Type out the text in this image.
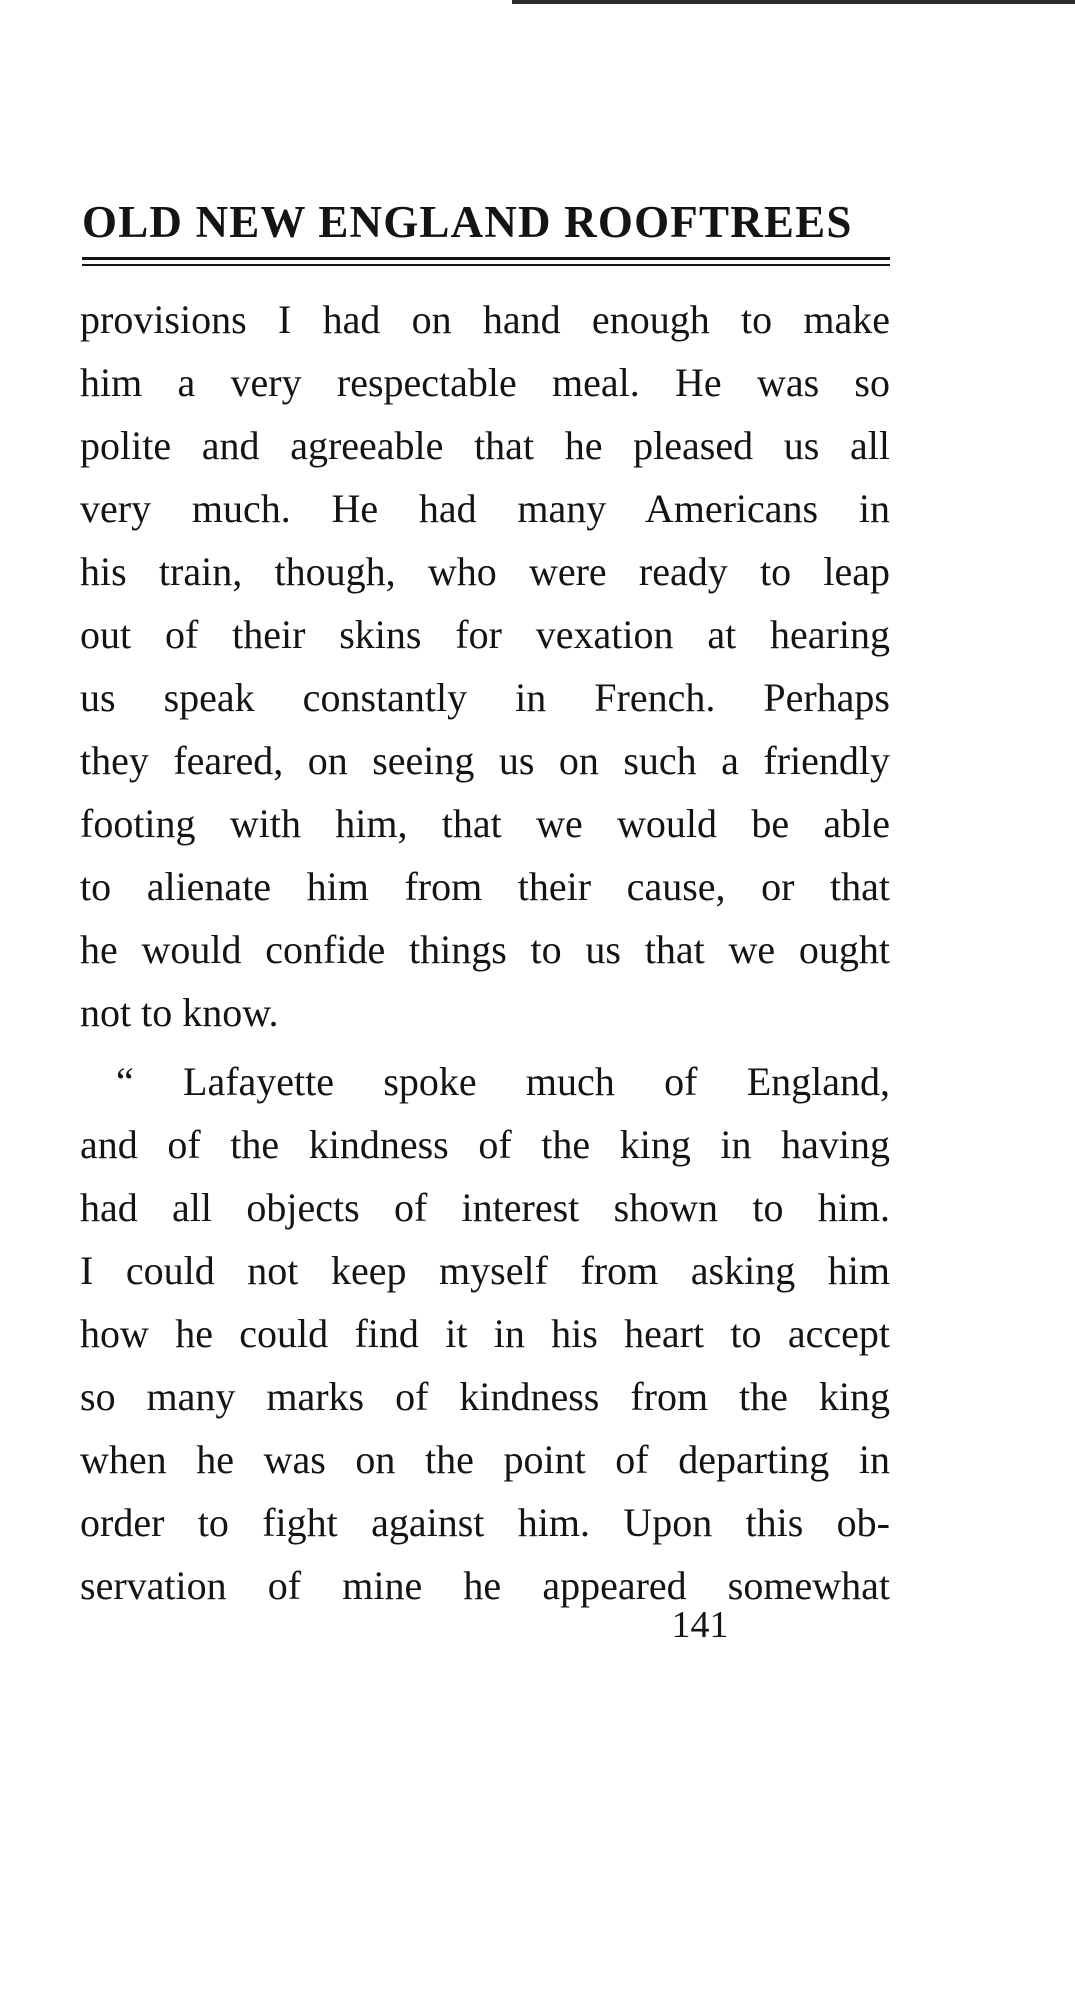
OLD NEW ENGLAND ROOFTREES
provisions I had on hand enough to make
him a very respectable meal. He was so
polite and agreeable that he pleased us all
very much. He had many Americans in
his train, though, who were ready to leap
out of their skins for vexation at hearing
us speak constantly in French. Perhaps
they feared, on seeing us on such a friendly
footing with him, that we would be able
to alienate him from their cause, or that
he would confide things to us that we ought
not to know.
“ Lafayette spoke much of England,
and of the kindness of the king in having
had all objects of interest shown to him.
I could not keep myself from asking him
how he could find it in his heart to accept
so many marks of kindness from the king
when he was on the point of departing in
order to fight against him. Upon this ob-
servation of mine he appeared somewhat
141
